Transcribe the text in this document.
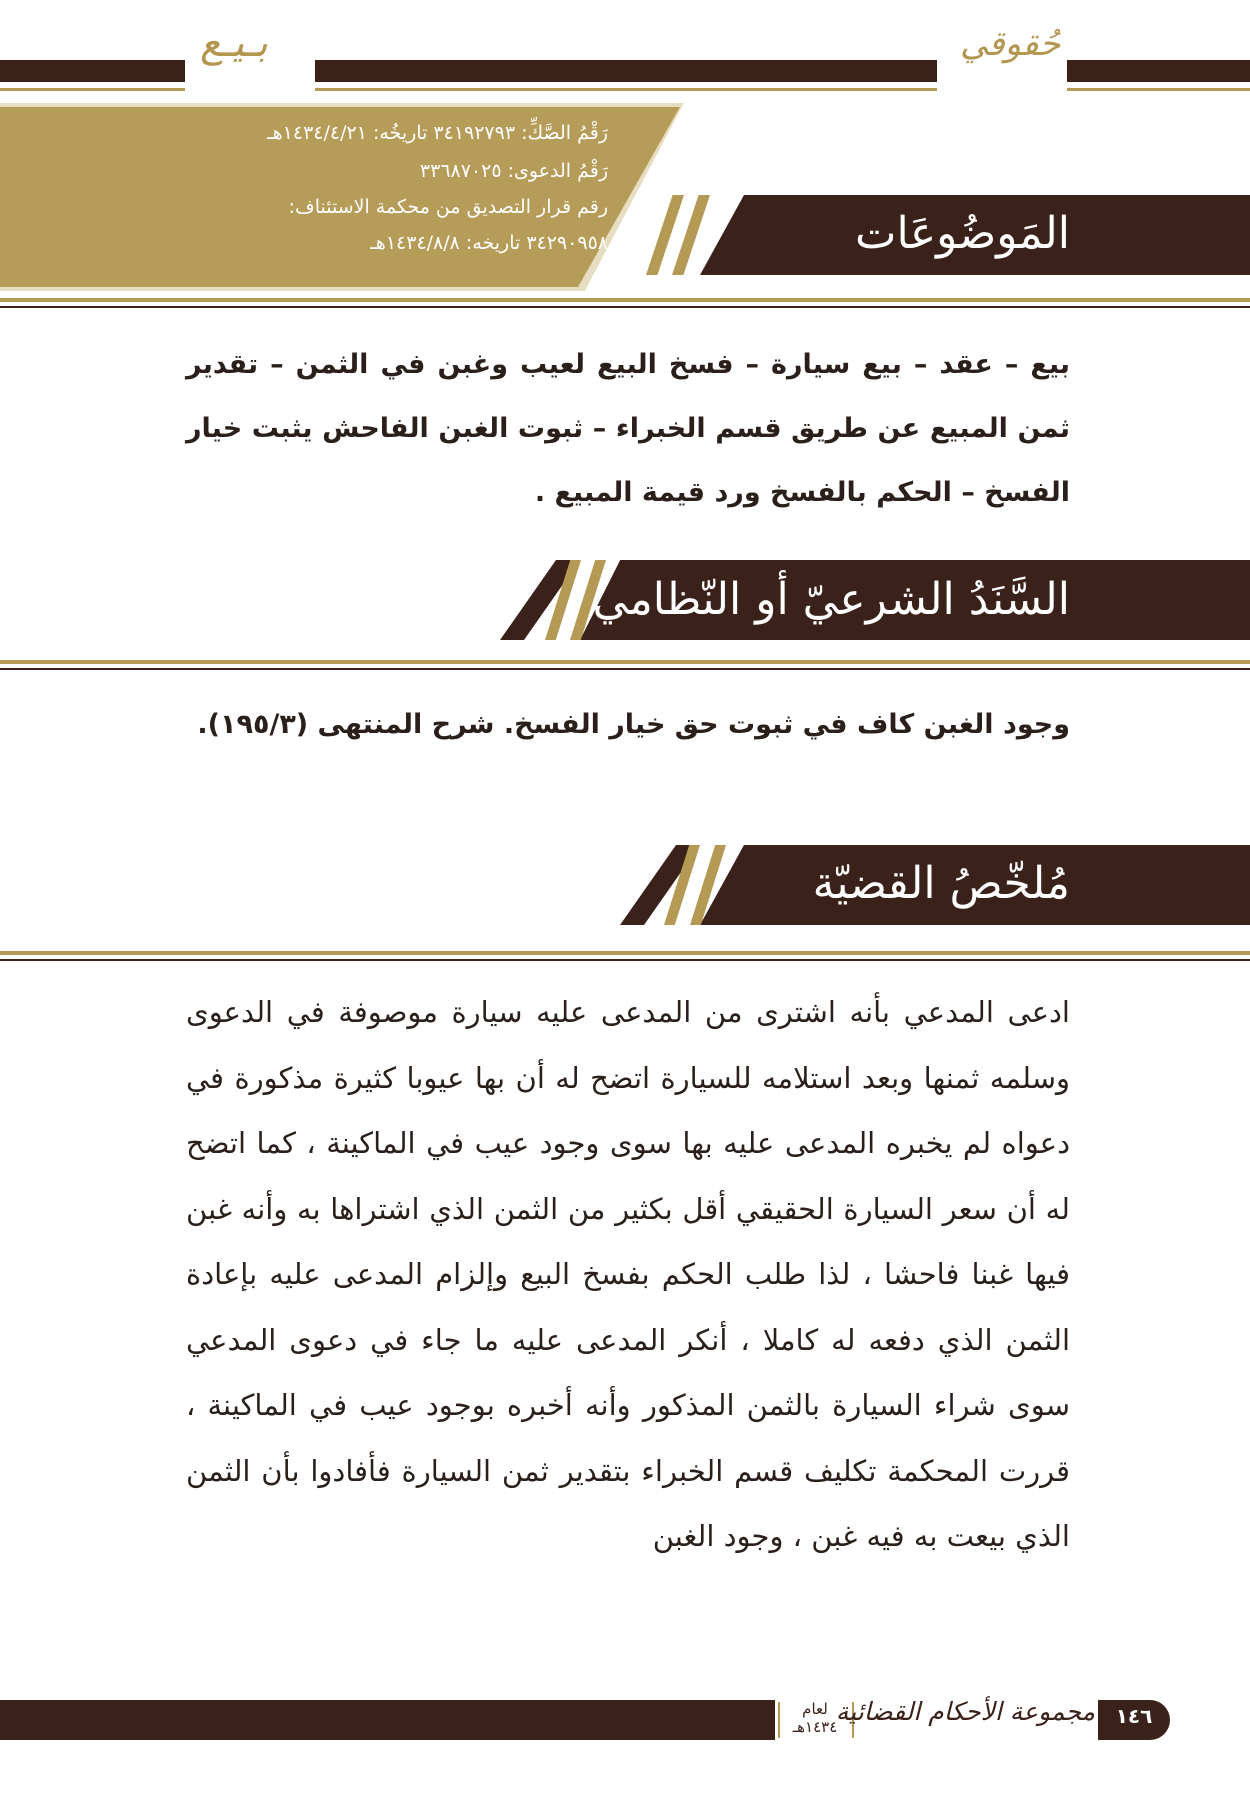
بـيـع	حُقوقي
المَوضُوعَات
رَقْمُ الصَّكِّ: ٣٤١٩٢٧٩٣ تاريخُه: ١٤٣٤/٤/٢١هـ
رَقْمُ الدعوى: ٣٣٦٨٧٠٢٥
رقم قرار التصديق من محكمة الاستئناف:
٣٤٢٩٠٩٥٨ تاريخه: ١٤٣٤/٨/٨هـ
بيع – عقد – بيع سيارة – فسخ البيع لعيب وغبن في الثمن – تقدير ثمن المبيع عن طريق قسم الخبراء – ثبوت الغبن الفاحش يثبت خيار الفسخ – الحكم بالفسخ ورد قيمة المبيع .
السَّنَدُ الشرعيّ أو النّظامي
وجود الغبن كاف في ثبوت حق خيار الفسخ. شرح المنتهى (١٩٥/٣).
مُلخّصُ القضيّة
ادعى المدعي بأنه اشترى من المدعى عليه سيارة موصوفة في الدعوى وسلمه ثمنها وبعد استلامه للسيارة اتضح له أن بها عيوبا كثيرة مذكورة في دعواه لم يخبره المدعى عليه بها سوى وجود عيب في الماكينة ، كما اتضح له أن سعر السيارة الحقيقي أقل بكثير من الثمن الذي اشتراها به وأنه غبن فيها غبنا فاحشا ، لذا طلب الحكم بفسخ البيع وإلزام المدعى عليه بإعادة الثمن الذي دفعه له كاملا ، أنكر المدعى عليه ما جاء في دعوى المدعي سوى شراء السيارة بالثمن المذكور وأنه أخبره بوجود عيب في الماكينة ، قررت المحكمة تكليف قسم الخبراء بتقدير ثمن السيارة فأفادوا بأن الثمن الذي بيعت به فيه غبن ، وجود الغبن
لعام
١٤٣٤هـ
مجموعة الأحكام القضائية	١٤٦
